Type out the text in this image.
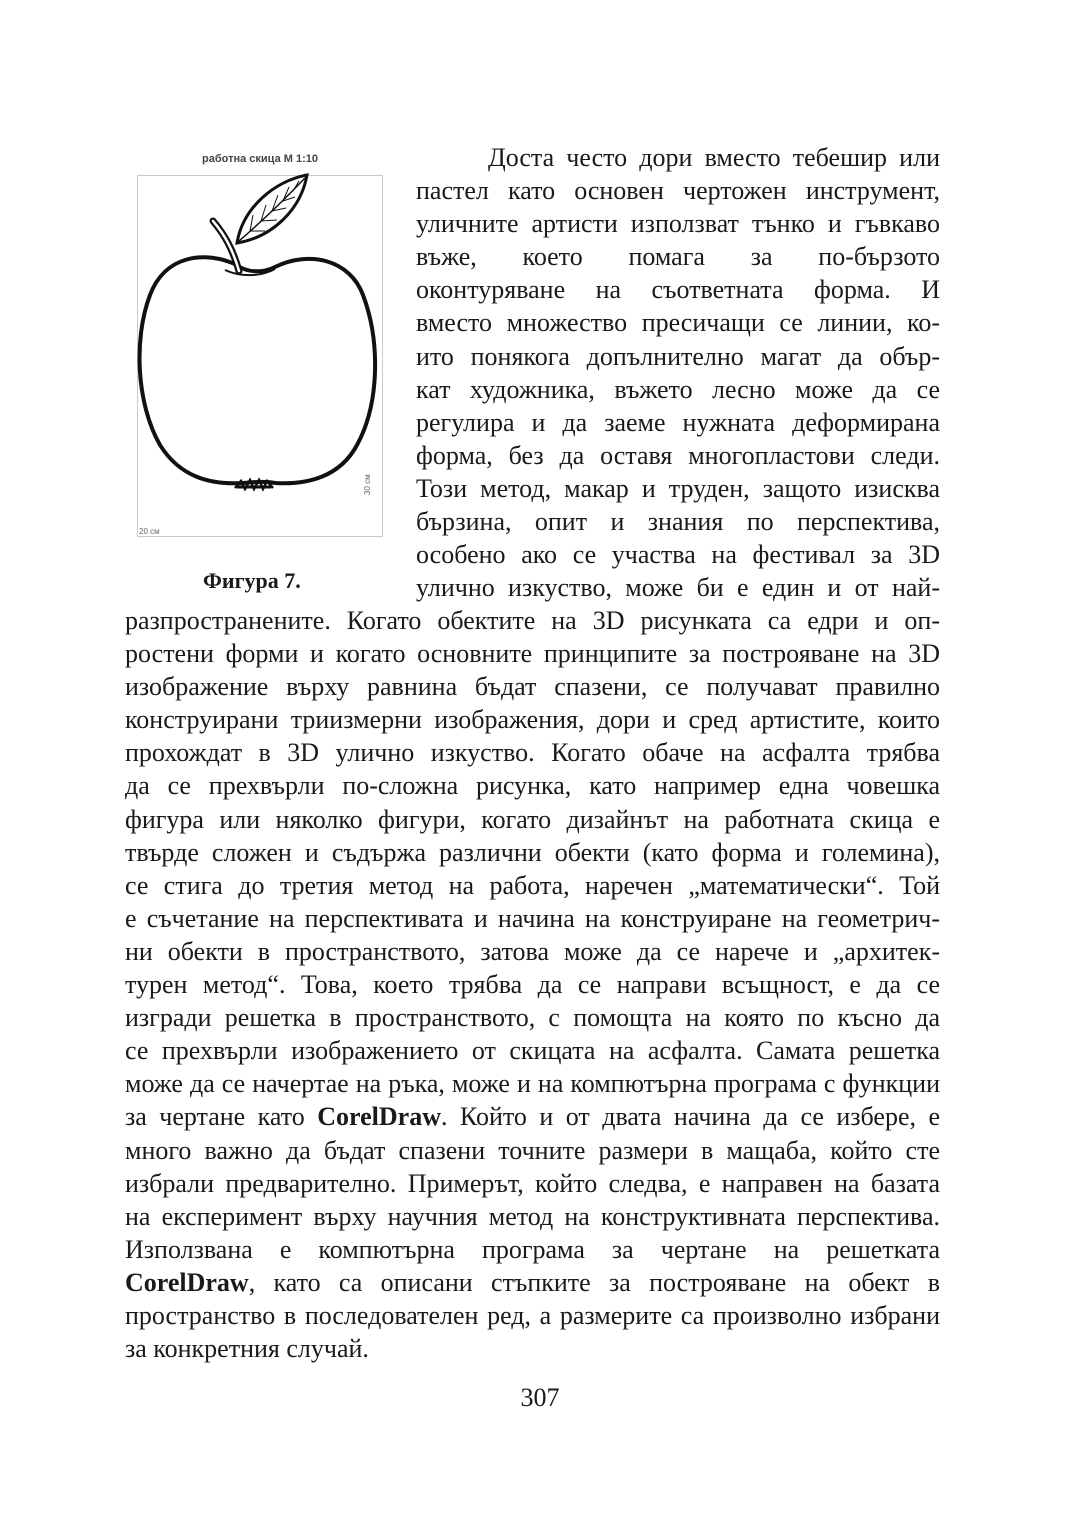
работна скица М 1:10
20 см
30 см

Фигура 7.

Доста често дори вместо тебешир или
пастел като основен чертожен инструмент,
уличните артисти използват тънко и гъвкаво
въже, което помага за по-бързото
оконтуряване на съответната форма. И
вместо множество пресичащи се линии, ко-
ито понякога допълнително магат да обър-
кат художника, въжето лесно може да се
регулира и да заеме нужната деформирана
форма, без да оставя многопластови следи.
Този метод, макар и труден, защото изисква
бързина, опит и знания по перспектива,
особено ако се участва на фестивал за 3D
улично изкуство, може би е един и от най-
разпространените. Когато обектите на 3D рисунката са едри и оп-
ростени форми и когато основните принципите за построяване на 3D
изображение върху равнина бъдат спазени, се получават правилно
конструирани триизмерни изображения, дори и сред артистите, които
прохождат в 3D улично изкуство. Когато обаче на асфалта трябва
да се прехвърли по-сложна рисунка, като например една човешка
фигура или няколко фигури, когато дизайнът на работната скица е
твърде сложен и съдържа различни обекти (като форма и големина),
се стига до третия метод на работа, наречен „математически“. Той
е съчетание на перспективата и начина на конструиране на геометрич-
ни обекти в пространството, затова може да се нарече и „архитек-
турен метод“. Това, което трябва да се направи всъщност, е да се
изгради решетка в пространството, с помощта на която по късно да
се прехвърли изображението от скицата на асфалта. Самата решетка
може да се начертае на ръка, може и на компютърна програма с функции
за чертане като CorelDraw. Който и от двата начина да се избере, е
много важно да бъдат спазени точните размери в мащаба, който сте
избрали предварително. Примерът, който следва, е направен на базата
на експеримент върху научния метод на конструктивната перспектива.
Използвана е компютърна програма за чертане на решетката
CorelDraw, като са описани стъпките за построяване на обект в
пространство в последователен ред, а размерите са произволно избрани
за конкретния случай.
307
